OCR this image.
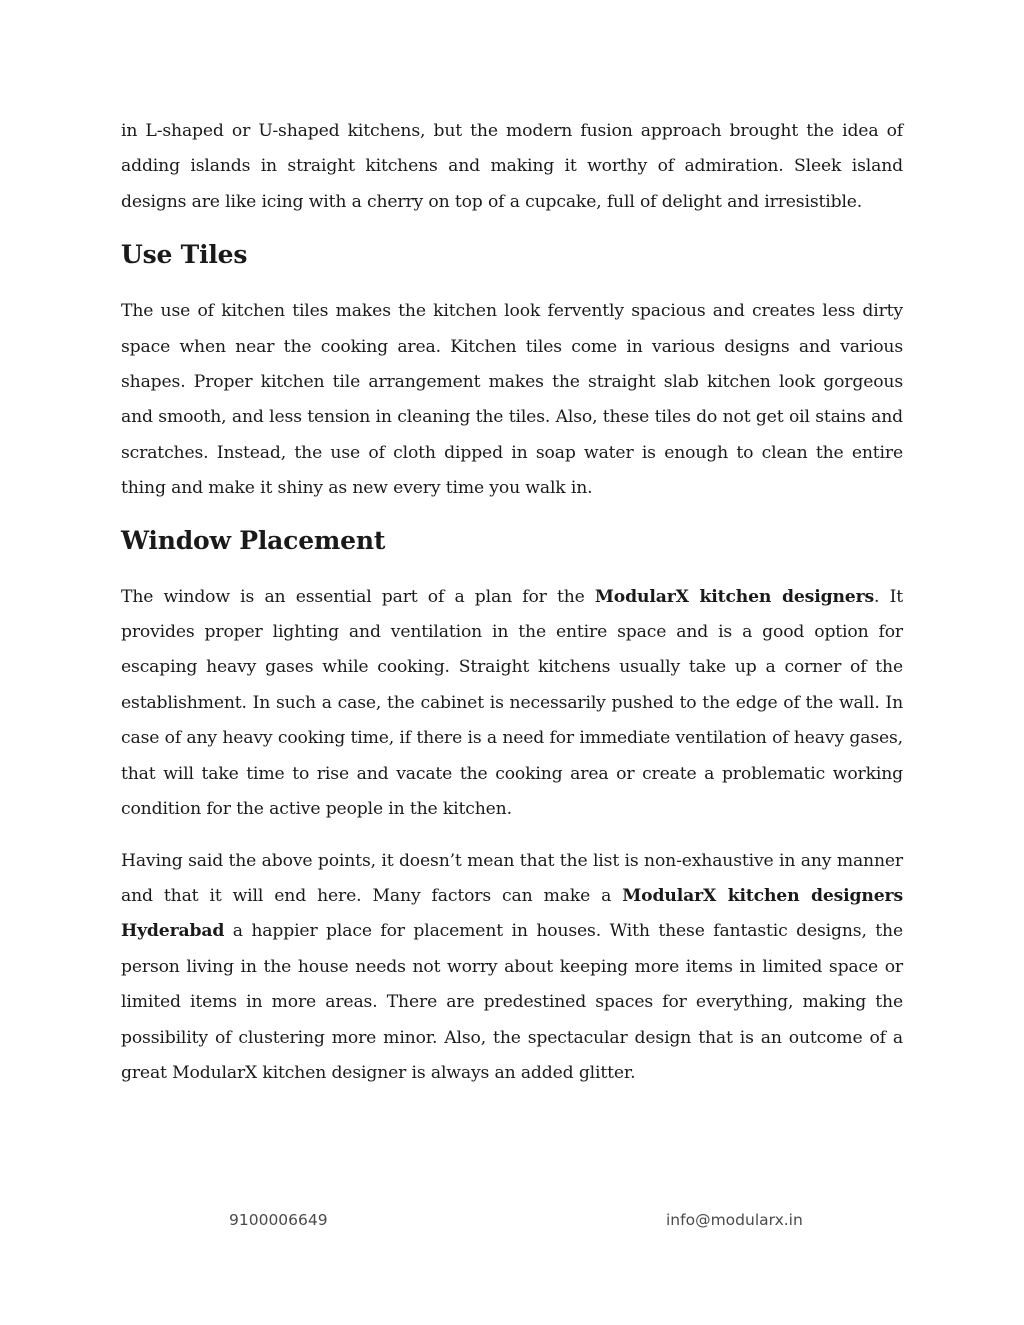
in L-shaped or U-shaped kitchens, but the modern fusion approach brought the idea of adding islands in straight kitchens and making it worthy of admiration. Sleek island designs are like icing with a cherry on top of a cupcake, full of delight and irresistible.

Use Tiles

The use of kitchen tiles makes the kitchen look fervently spacious and creates less dirty space when near the cooking area. Kitchen tiles come in various designs and various shapes. Proper kitchen tile arrangement makes the straight slab kitchen look gorgeous and smooth, and less tension in cleaning the tiles. Also, these tiles do not get oil stains and scratches. Instead, the use of cloth dipped in soap water is enough to clean the entire thing and make it shiny as new every time you walk in.

Window Placement

The window is an essential part of a plan for the ModularX kitchen designers. It provides proper lighting and ventilation in the entire space and is a good option for escaping heavy gases while cooking. Straight kitchens usually take up a corner of the establishment. In such a case, the cabinet is necessarily pushed to the edge of the wall. In case of any heavy cooking time, if there is a need for immediate ventilation of heavy gases, that will take time to rise and vacate the cooking area or create a problematic working condition for the active people in the kitchen.

Having said the above points, it doesn’t mean that the list is non-exhaustive in any manner and that it will end here. Many factors can make a ModularX kitchen designers Hyderabad a happier place for placement in houses. With these fantastic designs, the person living in the house needs not worry about keeping more items in limited space or limited items in more areas. There are predestined spaces for everything, making the possibility of clustering more minor. Also, the spectacular design that is an outcome of a great ModularX kitchen designer is always an added glitter.

9100006649	info@modularx.in
